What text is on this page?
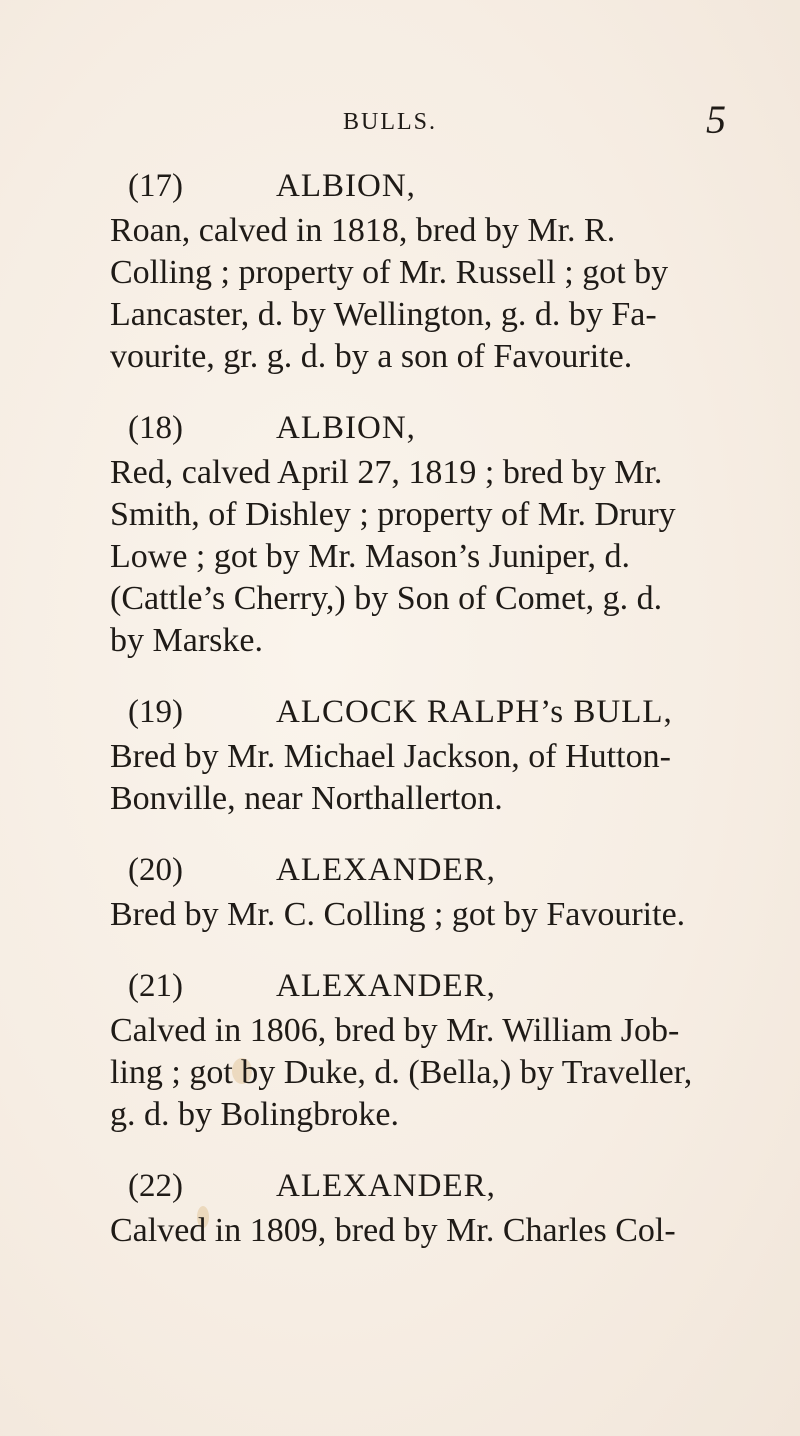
BULLS.	5
(17)	ALBION,

Roan, calved in 1818, bred by Mr. R.

Colling ; property of Mr. Russell ; got by

Lancaster, d. by Wellington, g. d. by Fa-

vourite, gr. g. d. by a son of Favourite.

(18)	ALBION,

Red, calved April 27, 1819 ; bred by Mr.

Smith, of Dishley ; property of Mr. Drury

Lowe ; got by Mr. Mason’s Juniper, d.

(Cattle’s Cherry,) by Son of Comet, g. d.

by Marske.

(19)	ALCOCK RALPH’s BULL,

Bred by Mr. Michael Jackson, of Hutton-

Bonville, near Northallerton.

(20)	ALEXANDER,

Bred by Mr. C. Colling ; got by Favourite.

(21)	ALEXANDER,

Calved in 1806, bred by Mr. William Job-

ling ; got by Duke, d. (Bella,) by Traveller,

g. d. by Bolingbroke.

(22)	ALEXANDER,

Calved in 1809, bred by Mr. Charles Col-
